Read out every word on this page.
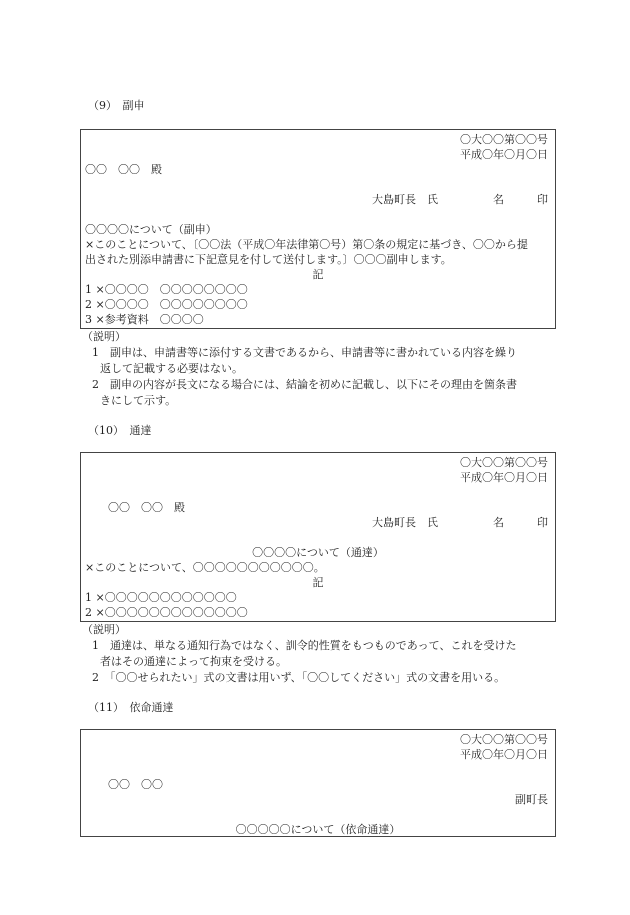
（9）　副申
〇大〇〇第〇〇号
平成〇年〇月〇日
〇〇　〇〇　殿
大島町長　氏　　　　　名　　　印
〇〇〇〇について（副申）
×このことについて、〔〇〇法（平成〇年法律第〇号）第〇条の規定に基づき、〇〇から提
出された別添申請書に下記意見を付して送付します。〕〇〇〇副申します。
記
1 ×〇〇〇〇　〇〇〇〇〇〇〇〇
2 ×〇〇〇〇　〇〇〇〇〇〇〇〇
3 ×参考資料　〇〇〇〇
（説明）
1　副申は、申請書等に添付する文書であるから、申請書等に書かれている内容を繰り
返して記載する必要はない。
2　副申の内容が長文になる場合には、結論を初めに記載し、以下にその理由を箇条書
きにして示す。
（10）　通達
〇大〇〇第〇〇号
平成〇年〇月〇日
〇〇　〇〇　殿
大島町長　氏　　　　　名　　　印
〇〇〇〇について（通達）
×このことについて、〇〇〇〇〇〇〇〇〇〇〇。
記
1 ×〇〇〇〇〇〇〇〇〇〇〇〇
2 ×〇〇〇〇〇〇〇〇〇〇〇〇〇
（説明）
1　通達は、単なる通知行為ではなく、訓令的性質をもつものであって、これを受けた
者はその通達によって拘束を受ける。
2　「〇〇せられたい」式の文書は用いず、「〇〇してください」式の文書を用いる。
（11）　依命通達
〇大〇〇第〇〇号
平成〇年〇月〇日
〇〇　〇〇
副町長
〇〇〇〇〇について（依命通達）
